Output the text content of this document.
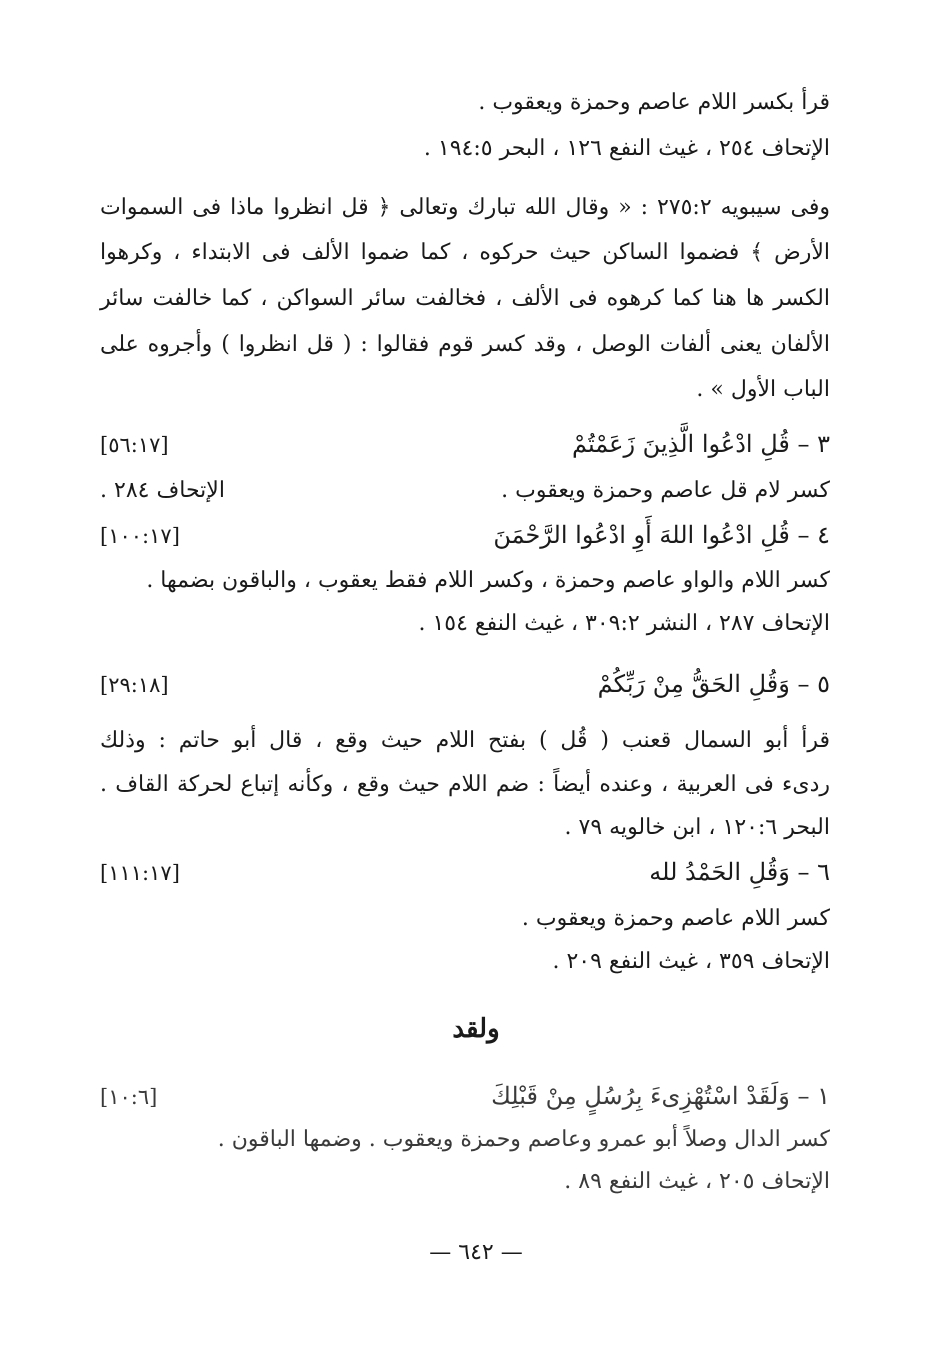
قرأ بكسر اللام عاصم وحمزة ويعقوب .
الإتحاف ٢٥٤ ، غيث النفع ١٢٦ ، البحر ١٩٤:٥ .
وفى سيبويه ٢٧٥:٢ : « وقال الله تبارك وتعالى ﴿ قل انظروا ماذا فى السموات
الأرض ﴾ فضموا الساكن حيث حركوه ، كما ضموا الألف فى الابتداء ، وكرهوا
الكسر ها هنا كما كرهوه فى الألف ، فخالفت سائر السواكن ، كما خالفت سائر
الألفان يعنى ألفات الوصل ، وقد كسر قوم فقالوا : ( قل انظروا ) وأجروه على
الباب الأول » .
٣ – قُلِ ادْعُوا الَّذِينَ زَعَمْتُمْ
[٥٦:١٧]
كسر لام قل عاصم وحمزة ويعقوب .
الإتحاف ٢٨٤ .
٤ – قُلِ ادْعُوا اللهَ أَوِ ادْعُوا الرَّحْمَنَ
[١٠٠:١٧]
كسر اللام والواو عاصم وحمزة ، وكسر اللام فقط يعقوب ، والباقون بضمها .
الإتحاف ٢٨٧ ، النشر ٣٠٩:٢ ، غيث النفع ١٥٤ .
٥ – وَقُلِ الحَقُّ مِنْ رَبِّكُمْ
[٢٩:١٨]
قرأ أبو السمال قعنب ( قُل ) بفتح اللام حيث وقع ، قال أبو حاتم : وذلك
ردىء فى العربية ، وعنده أيضاً : ضم اللام حيث وقع ، وكأنه إتباع لحركة القاف .
البحر ١٢٠:٦ ، ابن خالويه ٧٩ .
٦ – وَقُلِ الحَمْدُ لله
[١١١:١٧]
كسر اللام عاصم وحمزة ويعقوب .
الإتحاف ٣٥٩ ، غيث النفع ٢٠٩ .
ولقد
١ – وَلَقَدْ اسْتُهْزِىءَ بِرُسُلٍ مِنْ قَبْلِكَ
[١٠:٦]
كسر الدال وصلاً أبو عمرو وعاصم وحمزة ويعقوب . وضمها الباقون .
الإتحاف ٢٠٥ ، غيث النفع ٨٩ .
— ٦٤٢ —
